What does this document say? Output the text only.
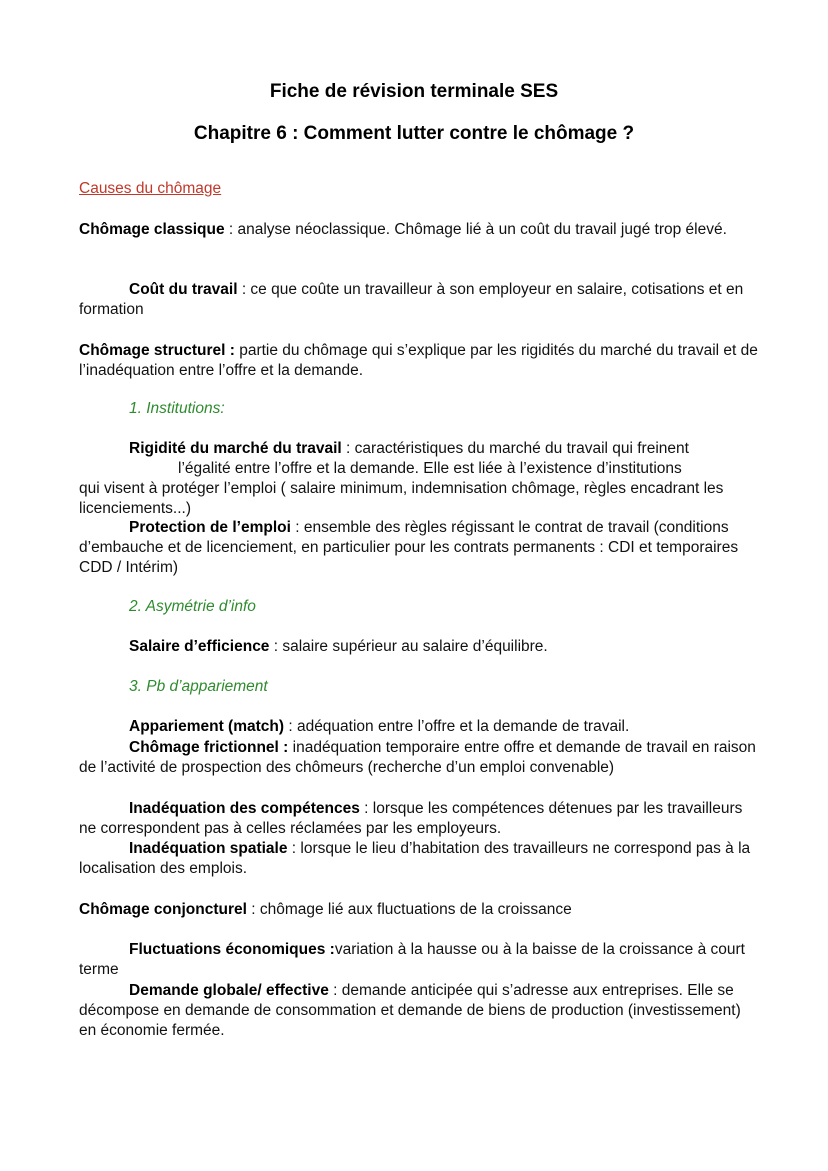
Fiche de révision terminale SES
Chapitre 6 : Comment lutter contre le chômage ?
Causes du chômage
Chômage classique : analyse néoclassique. Chômage lié à un coût du travail jugé trop élevé.
Coût du travail : ce que coûte un travailleur à son employeur en salaire, cotisations et en formation
Chômage structurel : partie du chômage qui s’explique par les rigidités du marché du travail et de l’inadéquation entre l’offre et la demande.
1. Institutions:
Rigidité du marché du travail : caractéristiques du marché du travail qui freinent
l’égalité entre l’offre et la demande. Elle est liée à l’existence d’institutions
qui visent à protéger l’emploi ( salaire minimum, indemnisation chômage, règles encadrant les licenciements...)
Protection de l’emploi : ensemble des règles régissant le contrat de travail (conditions d’embauche et de licenciement, en particulier pour les contrats permanents : CDI et temporaires CDD / Intérim)
2. Asymétrie d’info
Salaire d’efficience : salaire supérieur au salaire d’équilibre.
3. Pb d’appariement
Appariement (match) : adéquation entre l’offre et la demande de travail.
Chômage frictionnel : inadéquation temporaire entre offre et demande de travail en raison de l’activité de prospection des chômeurs (recherche d’un emploi convenable)
Inadéquation des compétences : lorsque les compétences détenues par les travailleurs ne correspondent pas à celles réclamées par les employeurs.
Inadéquation spatiale : lorsque le lieu d’habitation des travailleurs ne correspond pas à la localisation des emplois.
Chômage conjoncturel : chômage lié aux fluctuations de la croissance
Fluctuations économiques :variation à la hausse ou à la baisse de la croissance à court terme
Demande globale/ effective : demande anticipée qui s’adresse aux entreprises. Elle se décompose en demande de consommation et demande de biens de production (investissement) en économie fermée.
